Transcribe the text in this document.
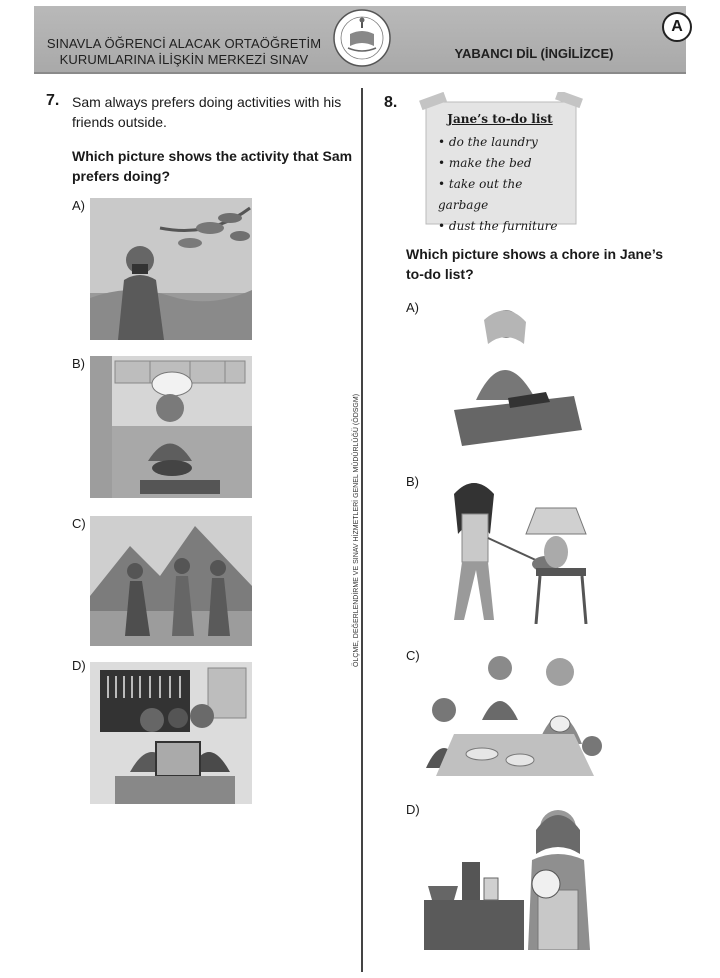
SINAVLA ÖĞRENCİ ALACAK ORTAÖĞRETİM
KURUMLARINA İLİŞKİN MERKEZİ SINAV	YABANCI DİL (İNGİLİZCE)
A
ÖLÇME, DEĞERLENDİRME VE SINAV HİZMETLERİ GENEL MÜDÜRLÜĞÜ (ÖDSGM)
7. Sam always prefers doing activities with his
friends outside.
Which picture shows the activity that Sam
prefers doing?
A)
B)
C)
D)
8.
Jane’s to-do list
• do the laundry
• make the bed
• take out the garbage
• dust the furniture
Which picture shows a chore in Jane’s
to-do list?
A)
B)
C)
D)
